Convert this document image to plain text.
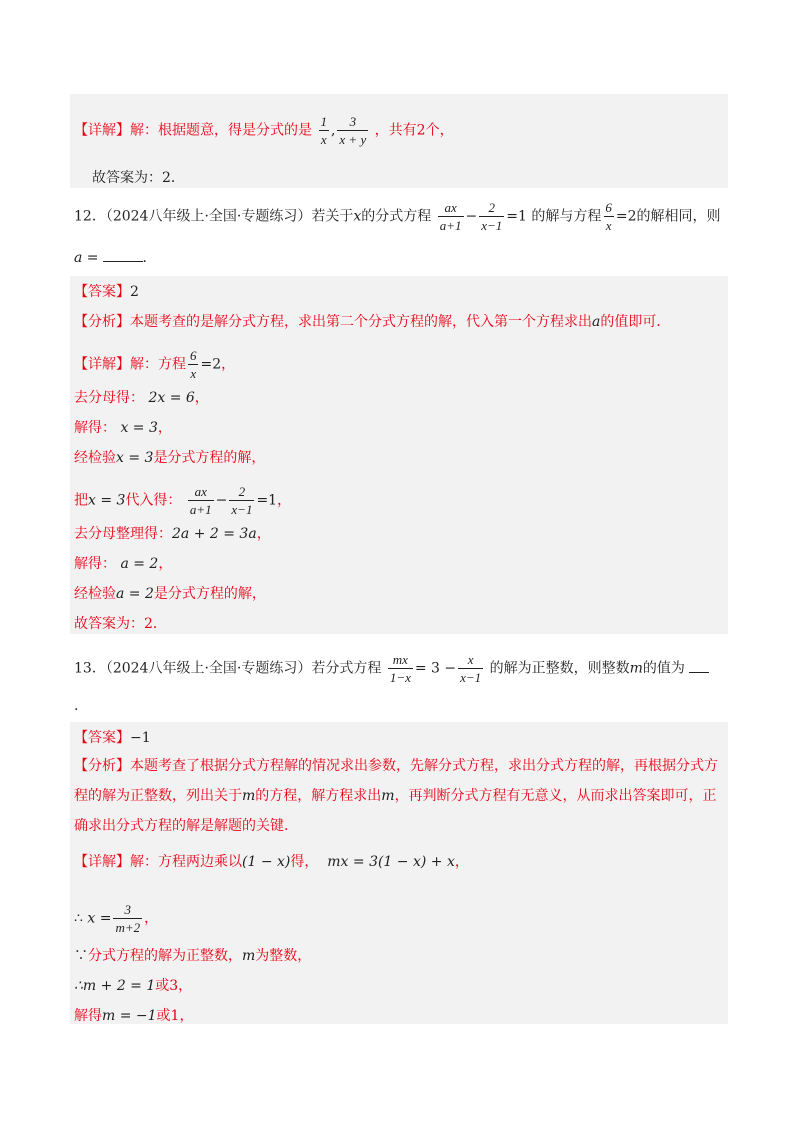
【详解】解：根据题意，得是分式的是 $\frac{1}{x}$ , $\frac{3}{x + y}$ ，共有2个，
故答案为：2．
12．（2024八年级上·全国·专题练习）若关于x的分式方程 $\frac{ax}{a+1} - \frac{2}{x-1} =1$ 的解与方程 $\frac{6}{x} =2$的解相同，则
a =	．
【答案】2
【分析】本题考查的是解分式方程，求出第二个分式方程的解，代入第一个方程求出a的值即可．
【详解】解：方程 $\frac{6}{x} =2$，
去分母得： 2x = 6，
解得： x = 3，
经检验x = 3是分式方程的解，
把x = 3代入得： $\frac{ax}{a+1} - \frac{2}{x-1} =1$，
去分母整理得：2a + 2 = 3a，
解得： a = 2，
经检验a = 2是分式方程的解，
故答案为：2．
13．（2024八年级上·全国·专题练习）若分式方程 $\frac{mx}{1-x} = 3 - \frac{x}{x-1}$ 的解为正整数，则整数m的值为
.
【答案】−1
【分析】本题考查了根据分式方程解的情况求出参数，先解分式方程，求出分式方程的解，再根据分式方
程的解为正整数，列出关于m的方程，解方程求出m，再判断分式方程有无意义，从而求出答案即可，正
确求出分式方程的解是解题的关键．
【详解】解：方程两边乘以(1 − x)得， mx = 3(1 − x) + x，
∴ $x = \frac{3}{m+2}$ ，
∵分式方程的解为正整数，m为整数，
∴m + 2 = 1或3，
解得m = −1或1，
